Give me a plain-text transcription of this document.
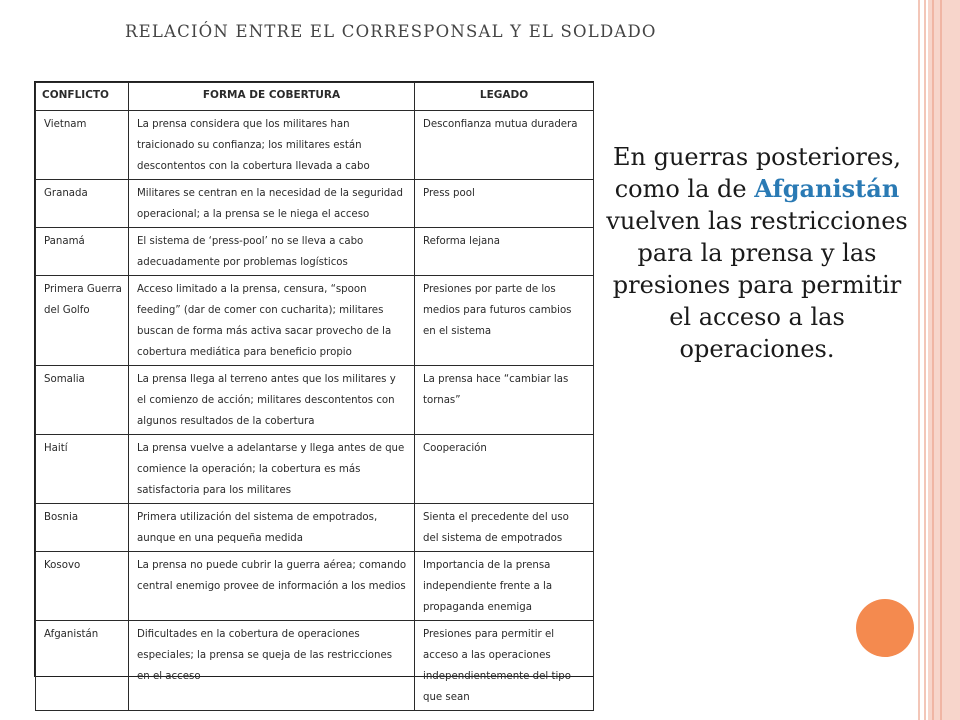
RELACIÓN ENTRE EL CORRESPONSAL Y EL SOLDADO
CONFLICTO	FORMA DE COBERTURA	LEGADO
Vietnam	La prensa considera que los militares han traicionado su confianza; los militares están descontentos con la cobertura llevada a cabo	Desconfianza mutua duradera
Granada	Militares se centran en la necesidad de la seguridad operacional; a la prensa se le niega el acceso	Press pool
Panamá	El sistema de ‘press-pool’ no se lleva a cabo adecuadamente por problemas logísticos	Reforma lejana
Primera Guerra del Golfo	Acceso limitado a la prensa, censura, “spoon feeding” (dar de comer con cucharita); militares buscan de forma más activa sacar provecho de la cobertura mediática para beneficio propio	Presiones por parte de los medios para futuros cambios en el sistema
Somalia	La prensa llega al terreno antes que los militares y el comienzo de acción; militares descontentos con algunos resultados de la cobertura	La prensa hace “cambiar las tornas”
Haití	La prensa vuelve a adelantarse y llega antes de que comience la operación; la cobertura es más satisfactoria para los militares	Cooperación
Bosnia	Primera utilización del sistema de empotrados, aunque en una pequeña medida	Sienta el precedente del uso del sistema de empotrados
Kosovo	La prensa no puede cubrir la guerra aérea; comando central enemigo provee de información a los medios	Importancia de la prensa independiente frente a la propaganda enemiga
Afganistán	Dificultades en la cobertura de operaciones especiales; la prensa se queja de las restricciones en el acceso	Presiones para permitir el acceso a las operaciones independientemente del tipo que sean
En guerras posteriores, como la de Afganistán vuelven las restricciones para la prensa y las presiones para permitir el acceso a las operaciones.
